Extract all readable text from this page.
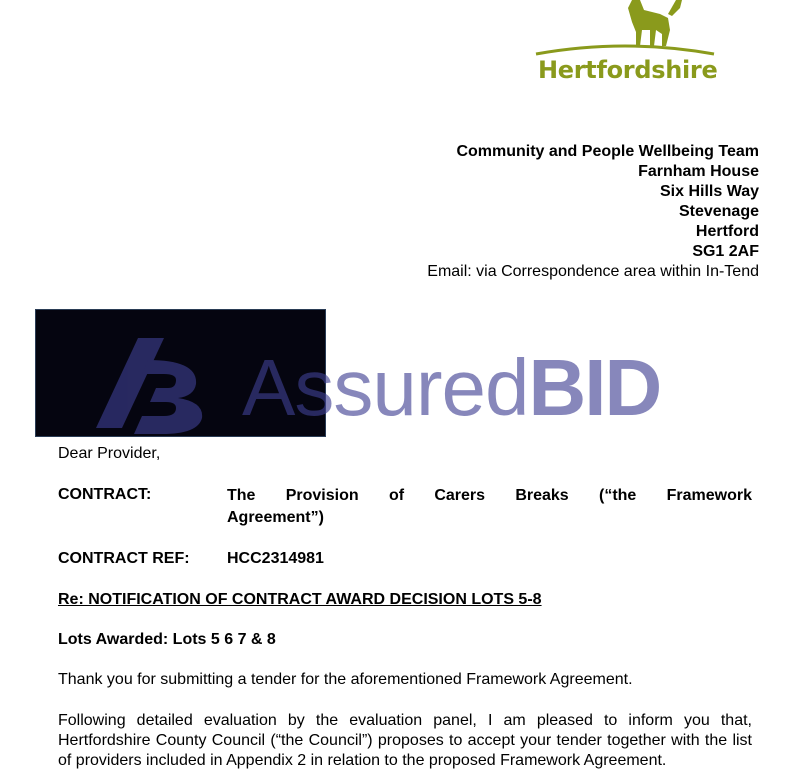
Hertfordshire
Community and People Wellbeing Team
Farnham House
Six Hills Way
Stevenage
Hertford
SG1 2AF
Email: via Correspondence area within In-Tend
AssuredBID
Dear Provider,
CONTRACT:	The Provision of Carers Breaks (“the Framework
Agreement”)
CONTRACT REF: HCC2314981
Re: NOTIFICATION OF CONTRACT AWARD DECISION LOTS 5-8
Lots Awarded: Lots 5 6 7 & 8
Thank you for submitting a tender for the aforementioned Framework Agreement.
Following detailed evaluation by the evaluation panel, I am pleased to inform you that, Hertfordshire County Council (“the Council”) proposes to accept your tender together with the list of providers included in Appendix 2 in relation to the proposed Framework Agreement.
